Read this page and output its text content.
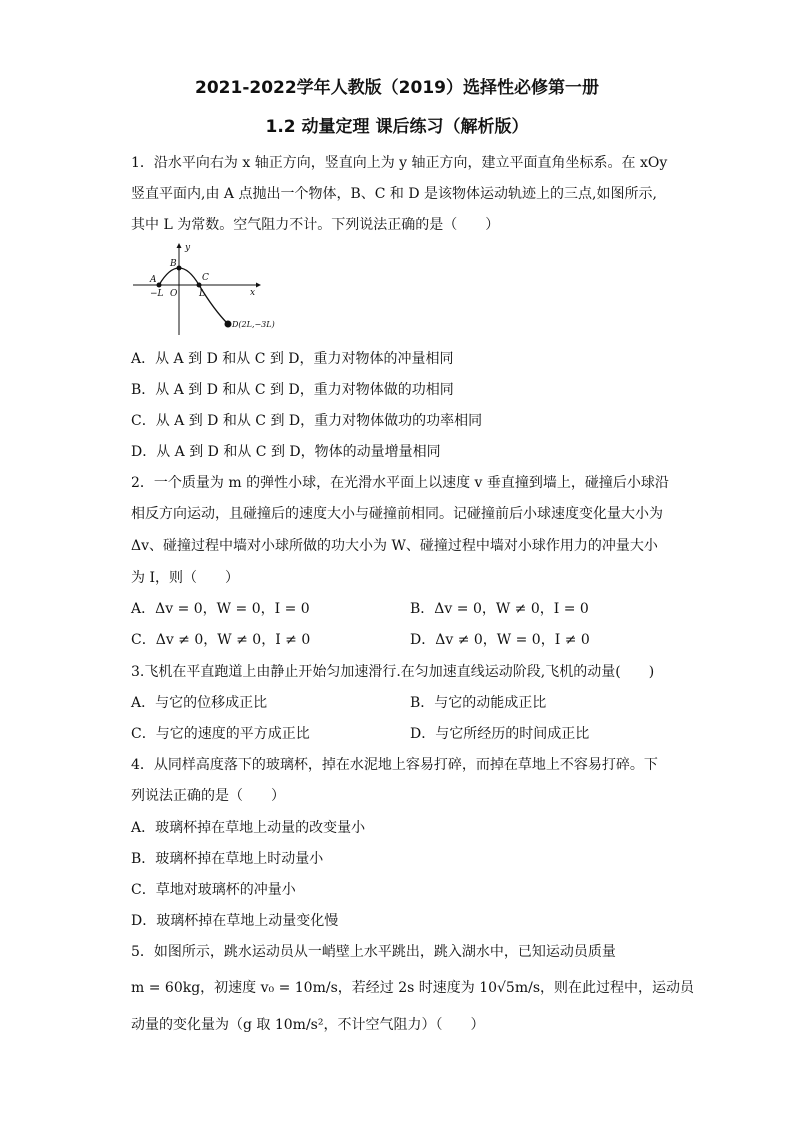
2021-2022学年人教版（2019）选择性必修第一册
1.2 动量定理 课后练习（解析版）
1．沿水平向右为 x 轴正方向，竖直向上为 y 轴正方向，建立平面直角坐标系。在 xOy
竖直平面内,由 A 点抛出一个物体，B、C 和 D 是该物体运动轨迹上的三点,如图所示,
其中 L 为常数。空气阻力不计。下列说法正确的是（　　）
y
x
A
B
C
−L O L
D(2L,−3L)
A．从 A 到 D 和从 C 到 D，重力对物体的冲量相同
B．从 A 到 D 和从 C 到 D，重力对物体做的功相同
C．从 A 到 D 和从 C 到 D，重力对物体做功的功率相同
D．从 A 到 D 和从 C 到 D，物体的动量增量相同
2．一个质量为 m 的弹性小球，在光滑水平面上以速度 v 垂直撞到墙上，碰撞后小球沿
相反方向运动，且碰撞后的速度大小与碰撞前相同。记碰撞前后小球速度变化量大小为
Δv、碰撞过程中墙对小球所做的功大小为 W、碰撞过程中墙对小球作用力的冲量大小
为 I，则（　　）
A．Δv = 0，W = 0，I = 0	B．Δv = 0，W ≠ 0，I = 0
C．Δv ≠ 0，W ≠ 0，I ≠ 0	D．Δv ≠ 0，W = 0，I ≠ 0
3.飞机在平直跑道上由静止开始匀加速滑行.在匀加速直线运动阶段,飞机的动量(　　)
A．与它的位移成正比	B．与它的动能成正比
C．与它的速度的平方成正比	D．与它所经历的时间成正比
4．从同样高度落下的玻璃杯，掉在水泥地上容易打碎，而掉在草地上不容易打碎。下
列说法正确的是（　　）
A．玻璃杯掉在草地上动量的改变量小
B．玻璃杯掉在草地上时动量小
C．草地对玻璃杯的冲量小
D．玻璃杯掉在草地上动量变化慢
5．如图所示，跳水运动员从一峭壁上水平跳出，跳入湖水中，已知运动员质量
m = 60kg，初速度 v₀ = 10m/s，若经过 2s 时速度为 10√5m/s，则在此过程中，运动员
动量的变化量为（g 取 10m/s²，不计空气阻力）（　　）
